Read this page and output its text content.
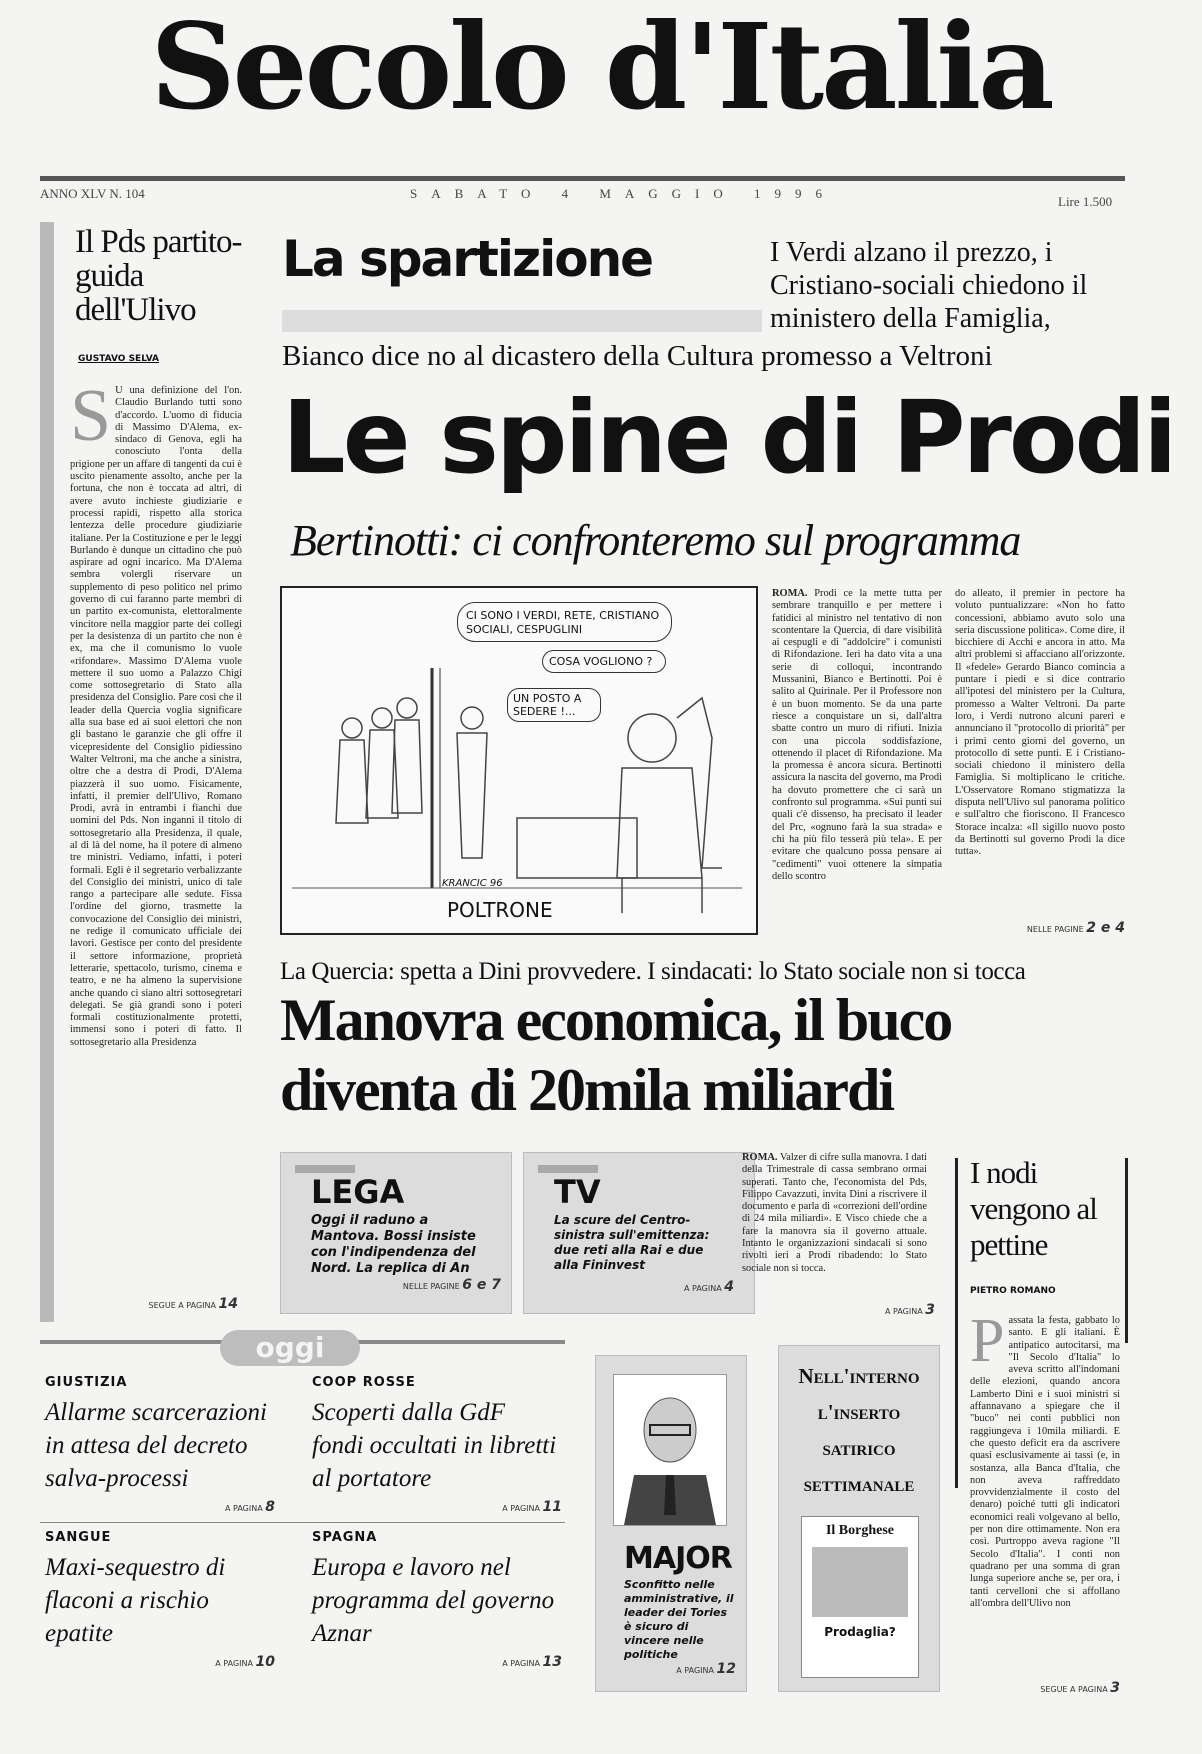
Secolo d'Italia
ANNO XLV N. 104	SABATO 4 MAGGIO 1996
Lire 1.500
Il Pds partito-guida dell'Ulivo
GUSTAVO SELVA
S U una definizione del l'on. Claudio Burlando tutti sono d'accordo. L'uomo di fiducia di Massimo D'Alema, ex-sindaco di Genova, egli ha conosciuto l'onta della prigione per un affare di tangenti da cui è uscito pienamente assolto, anche per la fortuna, che non è toccata ad altri, di avere avuto inchieste giudiziarie e processi rapidi, rispetto alla storica lentezza delle procedure giudiziarie italiane. Per la Costituzione e per le leggi Burlando è dunque un cittadino che può aspirare ad ogni incarico. Ma D'Alema sembra volergli riservare un supplemento di peso politico nel primo governo di cui faranno parte membri di un partito ex-comunista, elettoralmente vincitore nella maggior parte dei collegi per la desistenza di un partito che non è ex, ma che il comunismo lo vuole «rifondare». Massimo D'Alema vuole mettere il suo uomo a Palazzo Chigi come sottosegretario di Stato alla presidenza del Consiglio. Pare così che il leader della Quercia voglia significare alla sua base ed ai suoi elettori che non gli bastano le garanzie che gli offre il vicepresidente del Consiglio pidiessino Walter Veltroni, ma che anche a sinistra, oltre che a destra di Prodi, D'Alema piazzerà il suo uomo. Fisicamente, infatti, il premier dell'Ulivo, Romano Prodi, avrà in entrambi i fianchi due uomini del Pds. Non inganni il titolo di sottosegretario alla Presidenza, il quale, al di là del nome, ha il potere di almeno tre ministri. Vediamo, infatti, i poteri formali. Egli è il segretario verbalizzante del Consiglio dei ministri, unico di tale rango a partecipare alle sedute. Fissa l'ordine del giorno, trasmette la convocazione del Consiglio dei ministri, ne redige il comunicato ufficiale dei lavori. Gestisce per conto del presidente il settore informazione, proprietà letterarie, spettacolo, turismo, cinema e teatro, e ne ha almeno la supervisione anche quando ci siano altri sottosegretari delegati. Se già grandi sono i poteri formali costituzionalmente protetti, immensi sono i poteri di fatto. Il sottosegretario alla Presidenza
SEGUE A PAGINA 14
La spartizione	I Verdi alzano il prezzo, i Cristiano-sociali chiedono il ministero della Famiglia,
Bianco dice no al dicastero della Cultura promesso a Veltroni
Le spine di Prodi
Bertinotti: ci confronteremo sul programma
CI SONO I VERDI, RETE, CRISTIANO SOCIALI, CESPUGLINI
COSA VOGLIONO ?
UN POSTO A SEDERE !...
KRANCIC 96
POLTRONE
ROMA. Prodi ce la mette tutta per sembrare tranquillo e per mettere i fatidici al ministro nel tentativo di non scontentare la Quercia, di dare visibilità ai cespugli e di "addolcire" i comunisti di Rifondazione. Ieri ha dato vita a una serie di colloqui, incontrando Mussanini, Bianco e Bertinotti. Poi è salito al Quirinale. Per il Professore non è un buon momento. Se da una parte riesce a conquistare un sì, dall'altra sbatte contro un muro di rifiuti. Inizia con una piccola soddisfazione, ottenendo il placet di Rifondazione. Ma la promessa è ancora sicura. Bertinotti assicura la nascita del governo, ma Prodi ha dovuto promettere che ci sarà un confronto sul programma. «Sui punti sui quali c'è dissenso, ha precisato il leader del Prc, «ognuno farà la sua strada» e chi ha più filo tesserà più tela». E per evitare che qualcuno possa pensare ai "cedimenti" vuoi ottenere la simpatia dello scontro
do alleato, il premier in pectore ha voluto puntualizzare: «Non ho fatto concessioni, abbiamo avuto solo una seria discussione politica». Come dire, il bicchiere di Acchi e ancora in atto. Ma altri problemi si affacciano all'orizzonte. Il «fedele» Gerardo Bianco comincia a puntare i piedi e si dice contrario all'ipotesi del ministero per la Cultura, promesso a Walter Veltroni. Da parte loro, i Verdi nutrono alcuni pareri e annunciano il "protocollo di priorità" per i primi cento giorni del governo, un protocollo di sette punti. E i Cristiano-sociali chiedono il ministero della Famiglia. Si moltiplicano le critiche. L'Osservatore Romano stigmatizza la disputa nell'Ulivo sul panorama politico e sull'altro che fioriscono. Il Francesco Storace incalza: «Il sigillo nuovo posto da Bertinotti sul governo Prodi la dice tutta».
NELLE PAGINE 2 e 4
La Quercia: spetta a Dini provvedere. I sindacati: lo Stato sociale non si tocca
Manovra economica, il buco
diventa di 20mila miliardi
LEGA
Oggi il raduno a Mantova. Bossi insiste con l'indipendenza del Nord. La replica di An
NELLE PAGINE 6 e 7
TV
La scure del Centro-sinistra sull'emittenza: due reti alla Rai e due alla Fininvest
A PAGINA 4
ROMA. Valzer di cifre sulla manovra. I dati della Trimestrale di cassa sembrano ormai superati. Tanto che, l'economista del Pds, Filippo Cavazzuti, invita Dini a riscrivere il documento e parla di «correzioni dell'ordine di 24 mila miliardi». E Visco chiede che a fare la manovra sia il governo attuale. Intanto le organizzazioni sindacali si sono rivolti ieri a Prodi ribadendo: lo Stato sociale non si tocca.
A PAGINA 3
I nodi vengono al pettine
PIETRO ROMANO
Passata la festa, gabbato lo santo. E gli italiani. È antipatico autocitarsi, ma "Il Secolo d'Italia" lo aveva scritto all'indomani delle elezioni, quando ancora Lamberto Dini e i suoi ministri si affannavano a spiegare che il "buco" nei conti pubblici non raggiungeva i 10mila miliardi. E che questo deficit era da ascrivere quasi esclusivamente ai tassi (e, in sostanza, alla Banca d'Italia, che non aveva raffreddato provvidenzialmente il costo del denaro) poiché tutti gli indicatori economici reali volgevano al bello, per non dire ottimamente. Non era così. Purtroppo aveva ragione "Il Secolo d'Italia". I conti non quadrano per una somma di gran lunga superiore anche se, per ora, i tanti cervelloni che si affollano all'ombra dell'Ulivo non
SEGUE A PAGINA 3
oggi
GIUSTIZIA
Allarme scarcerazioni in attesa del decreto salva-processi
A PAGINA 8
COOP ROSSE
Scoperti dalla GdF fondi occultati in libretti al portatore
A PAGINA 11
SANGUE
Maxi-sequestro di flaconi a rischio epatite
A PAGINA 10
SPAGNA
Europa e lavoro nel programma del governo Aznar
A PAGINA 13
MAJOR
Sconfitto nelle amministrative, il leader dei Tories è sicuro di vincere nelle politiche
A PAGINA 12
Nell'interno l'inserto satirico settimanale
Il Borghese
Prodaglia?
